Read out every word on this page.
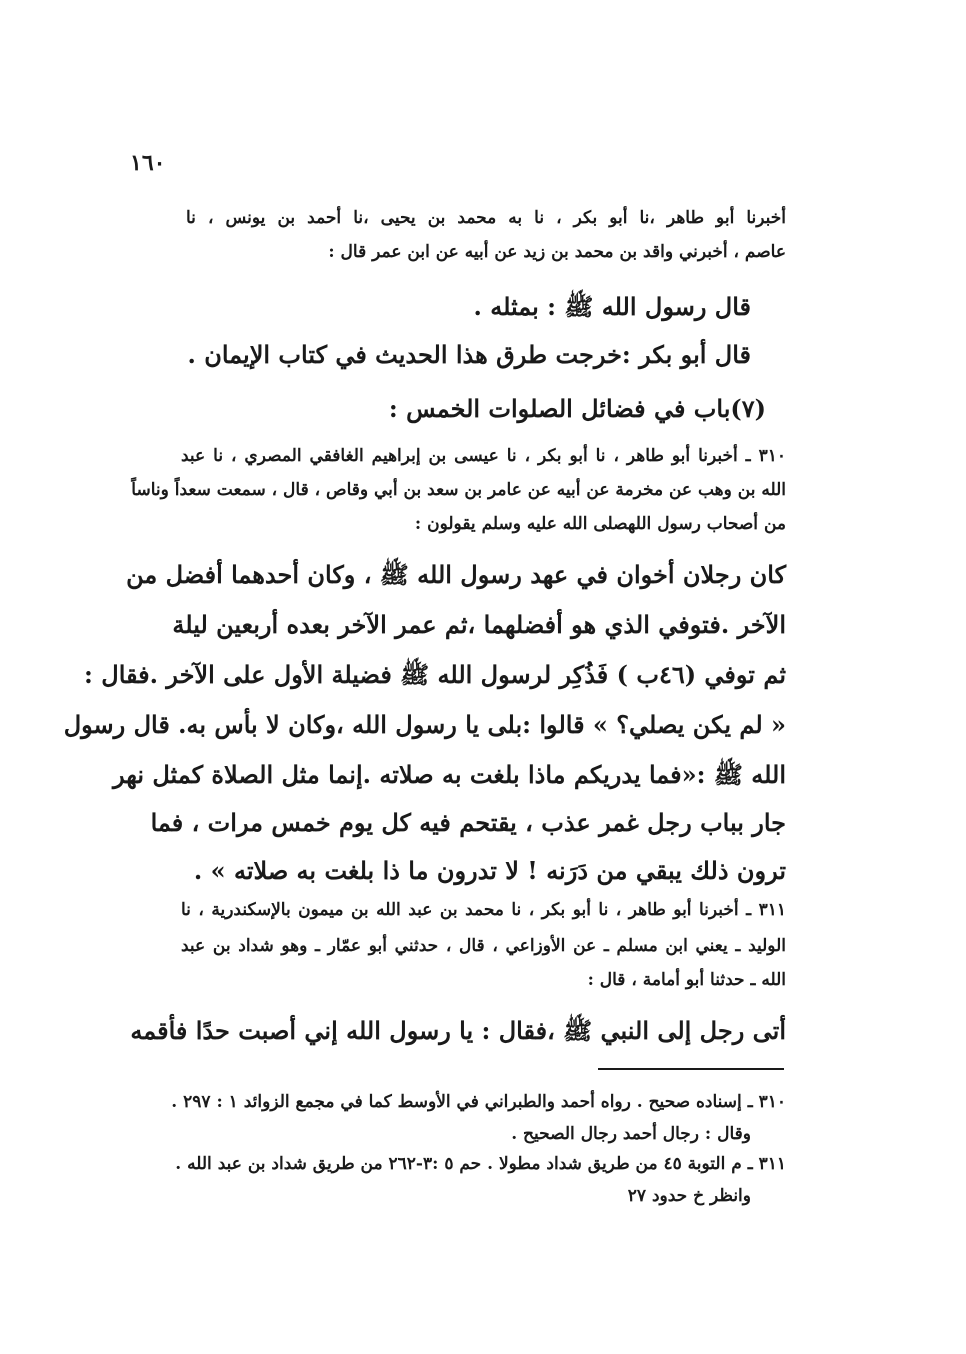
١٦٠
أخبرنا أبو طاهر ،نا أبو بكر ، نا به محمد بن يحيى ،نا أحمد بن يونس ، نا
عاصم ، أخبرني واقد بن محمد بن زيد عن أبيه عن ابن عمر قال :
قال رسول الله ﷺ : بمثله .
قال أبو بكر :خرجت طرق هذا الحديث في كتاب الإيمان .
(٧)باب في فضائل الصلوات الخمس :
٣١٠ ـ أخبرنا أبو طاهر ، نا أبو بكر ، نا عيسى بن إبراهيم الغافقي المصري ، نا عبد
الله بن وهب عن مخرمة عن أبيه عن عامر بن سعد بن أبي وقاص ، قال ، سمعت سعداً وناساً
من أصحاب رسول اللهصلى الله عليه وسلم يقولون :
كان رجلان أخوان في عهد رسول الله ﷺ ، وكان أحدهما أفضل من
الآخر .فتوفي الذي هو أفضلهما ،ثم عمر الآخر بعده أربعين ليلة
ثم توفي (٤٦ب ) فَذُكِر لرسول الله ﷺ فضيلة الأول على الآخر .فقال :
« لم يكن يصلي؟ » قالوا :بلى يا رسول الله ،وكان لا بأس به. قال رسول
الله ﷺ :«فما يدريكم ماذا بلغت به صلاته .إنما مثل الصلاة كمثل نهر
جار بباب رجل غمر عذب ، يقتحم فيه كل يوم خمس مرات ، فما
ترون ذلك يبقي من دَرَنه ! لا تدرون ما ذا بلغت به صلاته » .
٣١١ ـ أخبرنا أبو طاهر ، نا أبو بكر ، نا محمد بن عبد الله بن ميمون بالإسكندرية ، نا
الوليد ـ يعني ابن مسلم ـ عن الأوزاعي ، قال ، حدثني أبو عمّار ـ وهو شداد بن عبد
الله ـ حدثنا أبو أمامة ، قال :
أتى رجل إلى النبي ﷺ ،فقال : يا رسول الله إني أصبت حدًا فأقمه
٣١٠ ـ إسناده صحيح . رواه أحمد والطبراني في الأوسط كما في مجمع الزوائد ١ : ٢٩٧ .
وقال : رجال أحمد رجال الصحيح .
٣١١ ـ م التوبة ٤٥ من طريق شداد مطولا . حم ٥ :٣-٢٦٢ من طريق شداد بن عبد الله .
وانظر خ حدود ٢٧
